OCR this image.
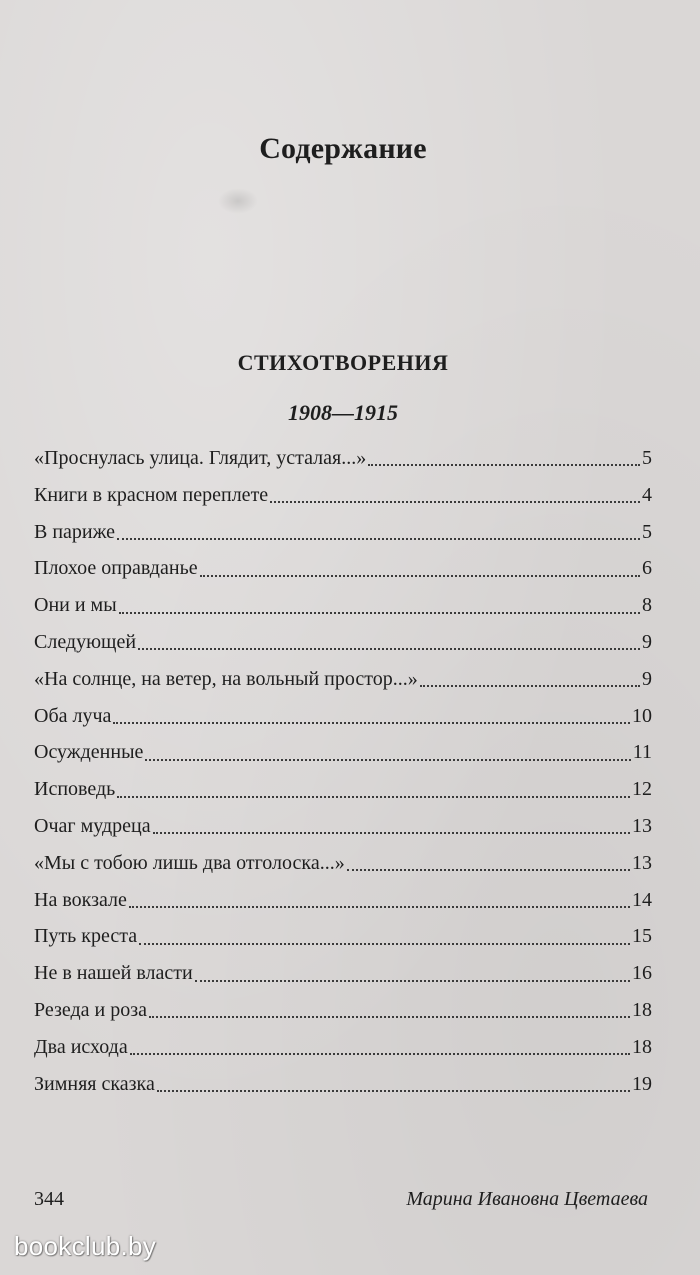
Содержание
СТИХОТВОРЕНИЯ
1908—1915
«Проснулась улица. Глядит, усталая...»	5
Книги в красном переплете	4
В париже	5
Плохое оправданье	6
Они и мы	8
Следующей	9
«На солнце, на ветер, на вольный простор...»	9
Оба луча	10
Осужденные	11
Исповедь	12
Очаг мудреца	13
«Мы с тобою лишь два отголоска...»	13
На вокзале	14
Путь креста	15
Не в нашей власти	16
Резеда и роза	18
Два исхода	18
Зимняя сказка	19
344	Марина Ивановна Цветаева
bookclub.by
